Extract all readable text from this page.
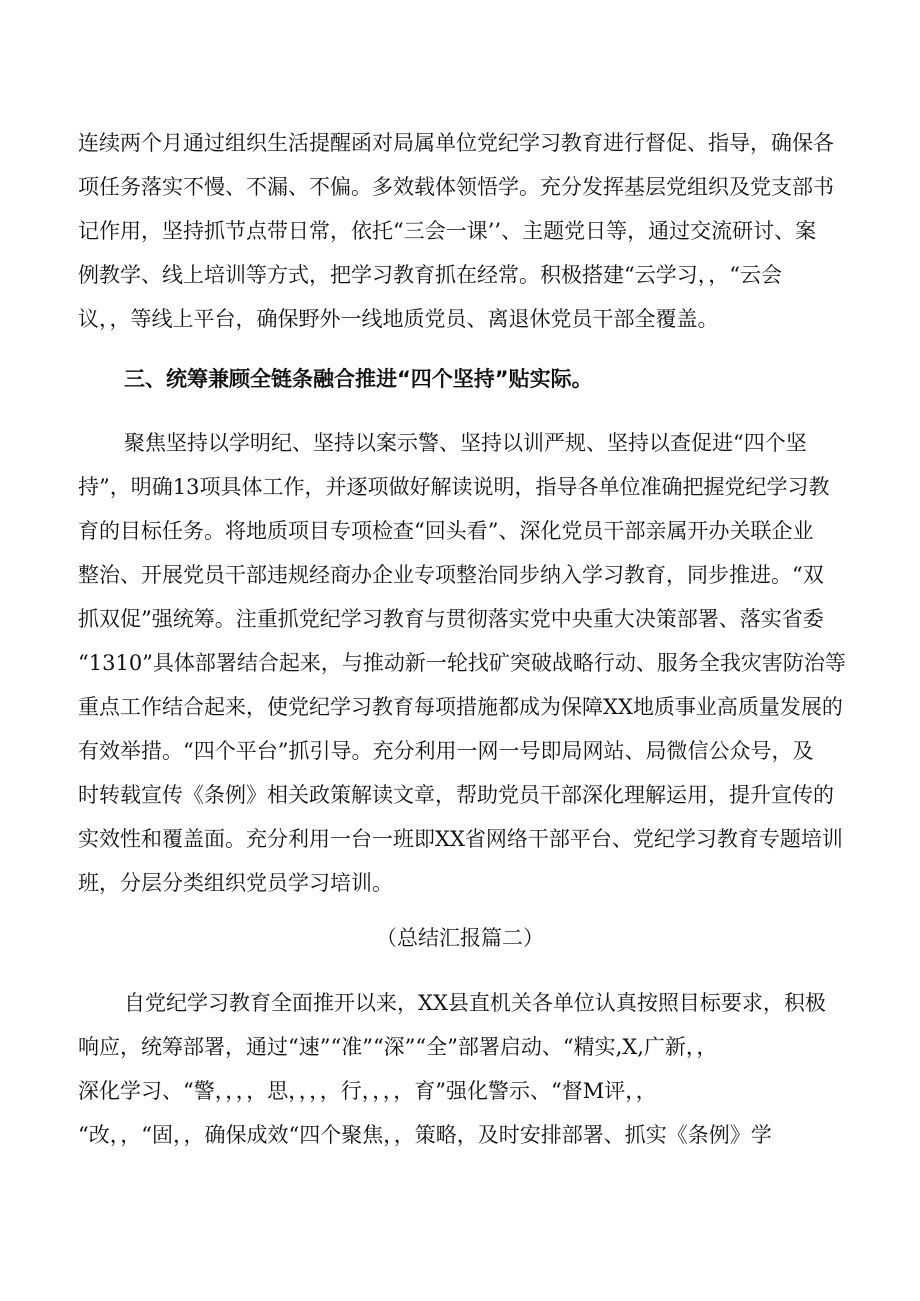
连续两个月通过组织生活提醒函对局属单位党纪学习教育进行督促、指导，确保各

项任务落实不慢、不漏、不偏。多效载体领悟学。充分发挥基层党组织及党支部书

记作用，坚持抓节点带日常，依托“三会一课’’、主题党日等，通过交流研讨、案

例教学、线上培训等方式，把学习教育抓在经常。积极搭建“云学习，，“云会

议，，等线上平台，确保野外一线地质党员、离退休党员干部全覆盖。

三、统筹兼顾全链条融合推进“四个坚持”贴实际。

聚焦坚持以学明纪、坚持以案示警、坚持以训严规、坚持以查促进“四个坚

持”，明确13项具体工作，并逐项做好解读说明，指导各单位准确把握党纪学习教

育的目标任务。将地质项目专项检查“回头看”、深化党员干部亲属开办关联企业

整治、开展党员干部违规经商办企业专项整治同步纳入学习教育，同步推进。“双

抓双促”强统筹。注重抓党纪学习教育与贯彻落实党中央重大决策部署、落实省委

“1310”具体部署结合起来，与推动新一轮找矿突破战略行动、服务全我灾害防治等

重点工作结合起来，使党纪学习教育每项措施都成为保障XX地质事业高质量发展的

有效举措。“四个平台”抓引导。充分利用一网一号即局网站、局微信公众号，及

时转载宣传《条例》相关政策解读文章，帮助党员干部深化理解运用，提升宣传的

实效性和覆盖面。充分利用一台一班即XX省网络干部平台、党纪学习教育专题培训

班，分层分类组织党员学习培训。

（总结汇报篇二）

自党纪学习教育全面推开以来，XX县直机关各单位认真按照目标要求，积极

响应，统筹部署，通过“速”“准”“深”“全”部署启动、“精实,X,广新，，

深化学习、“警，，，，思，，，，行，，，，育”强化警示、“督M评，，

“改，，“固，，确保成效“四个聚焦，，策略，及时安排部署、抓实《条例》学
